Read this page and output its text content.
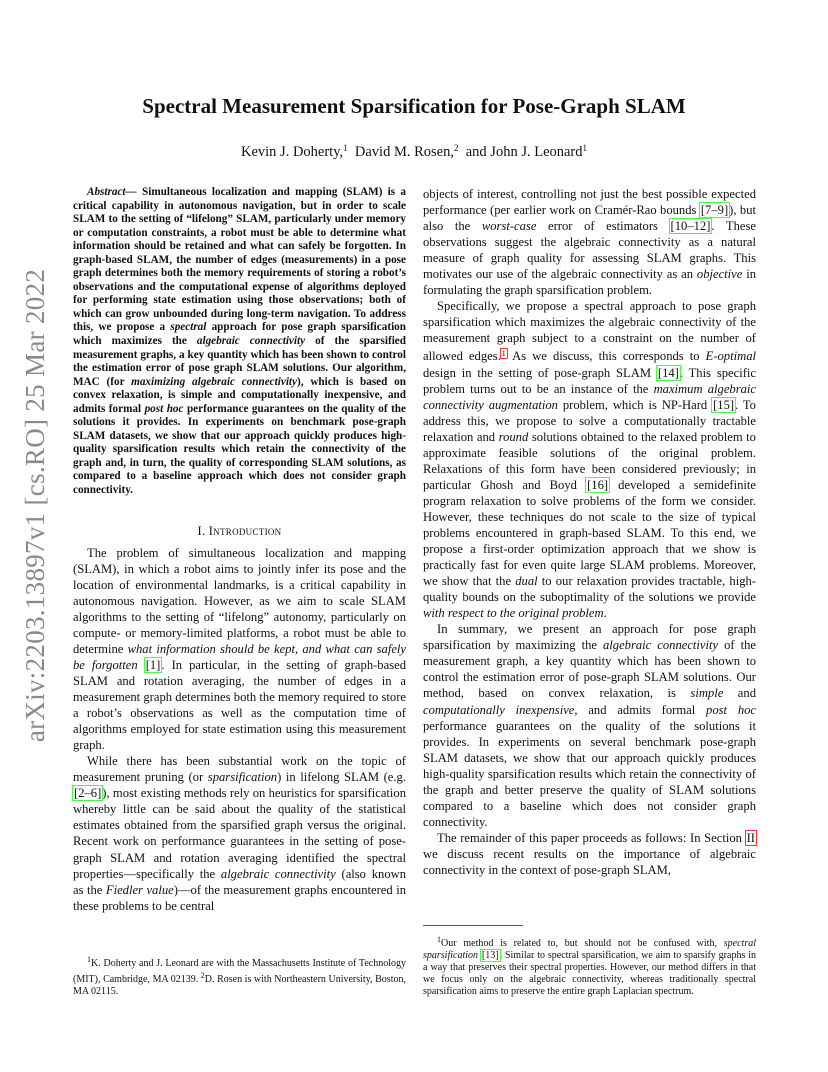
arXiv:2203.13897v1 [cs.RO] 25 Mar 2022
Spectral Measurement Sparsification for Pose-Graph SLAM
Kevin J. Doherty,$^1$ David M. Rosen,$^2$ and John J. Leonard$^1$

Abstract— Simultaneous localization and mapping (SLAM) is a critical capability in autonomous navigation, but in order to scale SLAM to the setting of “lifelong” SLAM, particularly under memory or computation constraints, a robot must be able to determine what information should be retained and what can safely be forgotten. In graph-based SLAM, the number of edges (measurements) in a pose graph determines both the memory requirements of storing a robot’s observations and the computational expense of algorithms deployed for performing state estimation using those observations; both of which can grow unbounded during long-term navigation. To address this, we propose a spectral approach for pose graph sparsification which maximizes the algebraic connectivity of the sparsified measurement graphs, a key quantity which has been shown to control the estimation error of pose graph SLAM solutions. Our algorithm, MAC (for maximizing algebraic connectivity), which is based on convex relaxation, is simple and computationally inexpensive, and admits formal post hoc performance guarantees on the quality of the solutions it provides. In experiments on benchmark pose-graph SLAM datasets, we show that our approach quickly produces high-quality sparsification results which retain the connectivity of the graph and, in turn, the quality of corresponding SLAM solutions, as compared to a baseline approach which does not consider graph connectivity.

I. Introduction

The problem of simultaneous localization and mapping (SLAM), in which a robot aims to jointly infer its pose and the location of environmental landmarks, is a critical capability in autonomous navigation. However, as we aim to scale SLAM algorithms to the setting of “lifelong” autonomy, particularly on compute- or memory-limited platforms, a robot must be able to determine what information should be kept, and what can safely be forgotten [1]. In particular, in the setting of graph-based SLAM and rotation averaging, the number of edges in a measurement graph determines both the memory required to store a robot’s observations as well as the computation time of algorithms employed for state estimation using this measurement graph.

While there has been substantial work on the topic of measurement pruning (or sparsification) in lifelong SLAM (e.g. [2–6]), most existing methods rely on heuristics for sparsification whereby little can be said about the quality of the statistical estimates obtained from the sparsified graph versus the original. Recent work on performance guarantees in the setting of pose-graph SLAM and rotation averaging identified the spectral properties—specifically the algebraic connectivity (also known as the Fiedler value)—of the measurement graphs encountered in these problems to be central

$^1$K. Doherty and J. Leonard are with the Massachusetts Institute of Technology (MIT), Cambridge, MA 02139. $^2$D. Rosen is with Northeastern University, Boston, MA 02115.

objects of interest, controlling not just the best possible expected performance (per earlier work on Cramér-Rao bounds [7–9]), but also the worst-case error of estimators [10–12]. These observations suggest the algebraic connectivity as a natural measure of graph quality for assessing SLAM graphs. This motivates our use of the algebraic connectivity as an objective in formulating the graph sparsification problem.

Specifically, we propose a spectral approach to pose graph sparsification which maximizes the algebraic connectivity of the measurement graph subject to a constraint on the number of allowed edges.$^1$ As we discuss, this corresponds to E-optimal design in the setting of pose-graph SLAM [14]. This specific problem turns out to be an instance of the maximum algebraic connectivity augmentation problem, which is NP-Hard [15]. To address this, we propose to solve a computationally tractable relaxation and round solutions obtained to the relaxed problem to approximate feasible solutions of the original problem. Relaxations of this form have been considered previously; in particular Ghosh and Boyd [16] developed a semidefinite program relaxation to solve problems of the form we consider. However, these techniques do not scale to the size of typical problems encountered in graph-based SLAM. To this end, we propose a first-order optimization approach that we show is practically fast for even quite large SLAM problems. Moreover, we show that the dual to our relaxation provides tractable, high-quality bounds on the suboptimality of the solutions we provide with respect to the original problem.

In summary, we present an approach for pose graph sparsification by maximizing the algebraic connectivity of the measurement graph, a key quantity which has been shown to control the estimation error of pose-graph SLAM solutions. Our method, based on convex relaxation, is simple and computationally inexpensive, and admits formal post hoc performance guarantees on the quality of the solutions it provides. In experiments on several benchmark pose-graph SLAM datasets, we show that our approach quickly produces high-quality sparsification results which retain the connectivity of the graph and better preserve the quality of SLAM solutions compared to a baseline which does not consider graph connectivity.

The remainder of this paper proceeds as follows: In Section II we discuss recent results on the importance of algebraic connectivity in the context of pose-graph SLAM,

$^1$Our method is related to, but should not be confused with, spectral sparsification [13]. Similar to spectral sparsification, we aim to sparsify graphs in a way that preserves their spectral properties. However, our method differs in that we focus only on the algebraic connectivity, whereas traditionally spectral sparsification aims to preserve the entire graph Laplacian spectrum.
